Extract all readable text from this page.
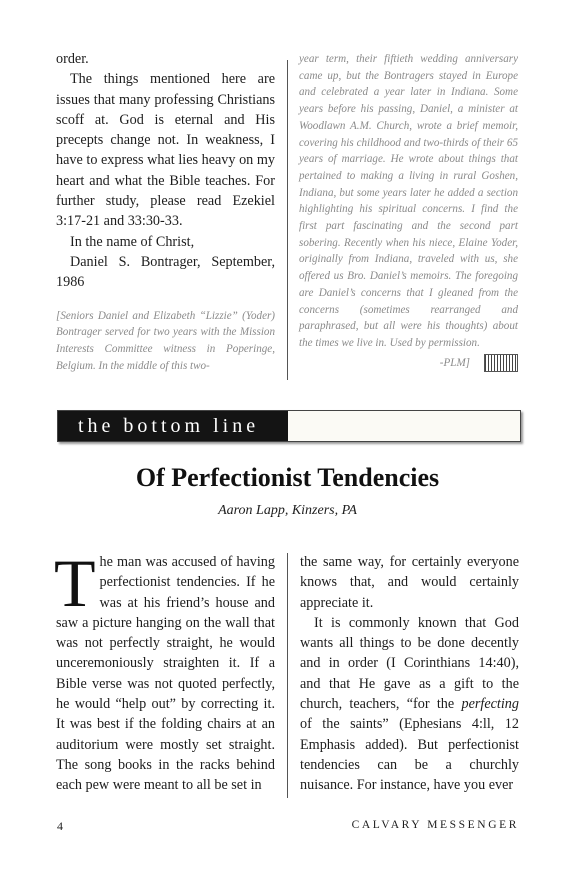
order.

The things mentioned here are issues that many professing Christians scoff at. God is eternal and His precepts change not. In weakness, I have to express what lies heavy on my heart and what the Bible teaches. For further study, please read Ezekiel 3:17-21 and 33:30-33.

In the name of Christ,

Daniel S. Bontrager, September, 1986

[Seniors Daniel and Elizabeth “Lizzie” (Yoder) Bontrager served for two years with the Mission Interests Committee witness in Poperinge, Belgium. In the middle of this two-

year term, their fiftieth wedding anniversary came up, but the Bontragers stayed in Europe and celebrated a year later in Indiana. Some years before his passing, Daniel, a minister at Woodlawn A.M. Church, wrote a brief memoir, covering his childhood and two-thirds of their 65 years of marriage. He wrote about things that pertained to making a living in rural Goshen, Indiana, but some years later he added a section highlighting his spiritual concerns. I find the first part fascinating and the second part sobering. Recently when his niece, Elaine Yoder, originally from Indiana, traveled with us, she offered us Bro. Daniel’s memoirs. The foregoing are Daniel’s concerns that I gleaned from the concerns (sometimes rearranged and paraphrased, but all were his thoughts) about the times we live in. Used by permission.

-PLM]
the bottom line
Of Perfectionist Tendencies
Aaron Lapp, Kinzers, PA

The man was accused of having perfectionist tendencies. If he was at his friend’s house and saw a picture hanging on the wall that was not perfectly straight, he would unceremoniously straighten it. If a Bible verse was not quoted perfectly, he would “help out” by correcting it. It was best if the folding chairs at an auditorium were mostly set straight. The song books in the racks behind each pew were meant to all be set in

the same way, for certainly everyone knows that, and would certainly appreciate it.

It is commonly known that God wants all things to be done decently and in order (I Corinthians 14:40), and that He gave as a gift to the church, teachers, “for the perfecting of the saints” (Ephesians 4:ll, 12 Emphasis added). But perfectionist tendencies can be a churchly nuisance. For instance, have you ever

4	CALVARY MESSENGER
